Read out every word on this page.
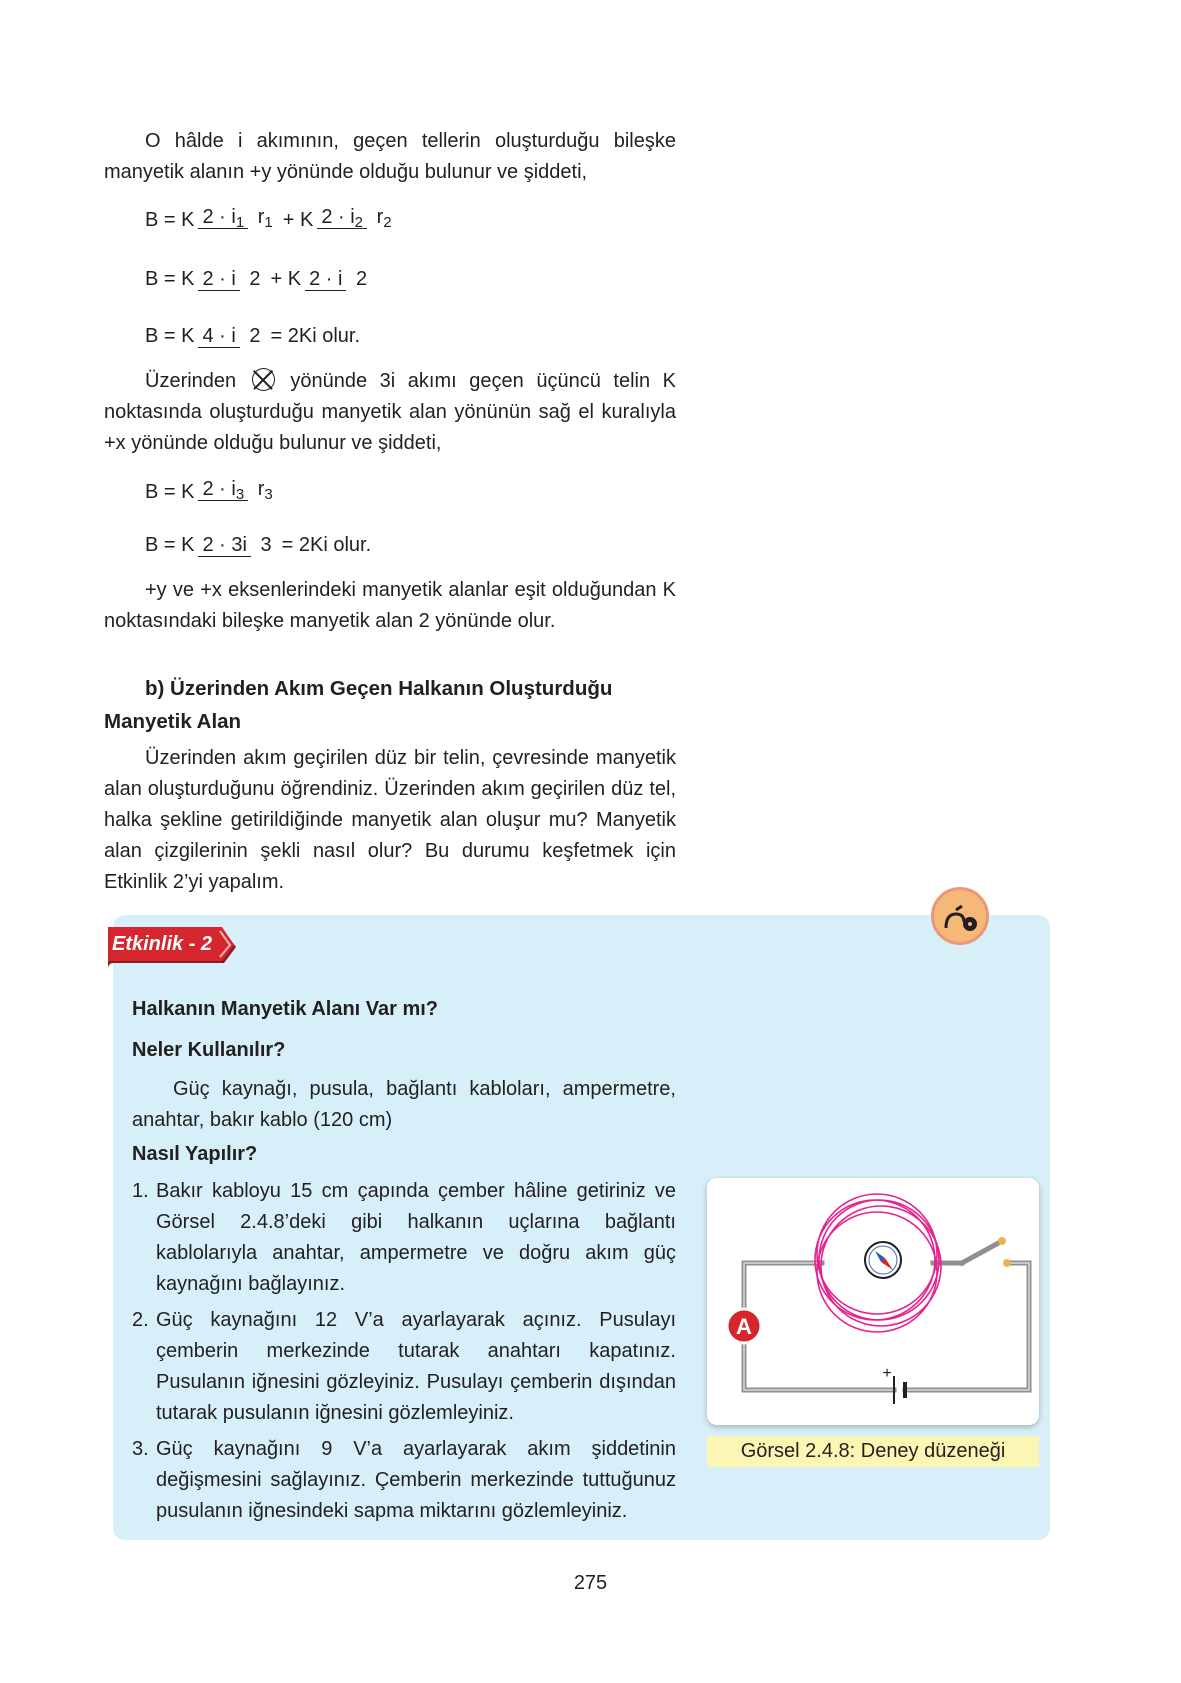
O hâlde i akımının, geçen tellerin oluşturduğu bileşke manyetik alanın +y yönünde olduğu bulunur ve şiddeti,
B = K $2 \cdot i_1$ $r_1 + K$ $2 \cdot i_2$ $r_2$
B = K 2 · i 2 + K 2 · i 2
B = K 4 · i 2 = 2Ki olur.
Üzerinden	yönünde 3i akımı geçen üçüncü telin K noktasında oluşturduğu manyetik alan yönünün sağ el kuralıyla +x yönünde olduğu bulunur ve şiddeti,
B = K $2 \cdot i_3$ $r_3$
B = K 2 · 3i 3 = 2Ki olur.
+y ve +x eksenlerindeki manyetik alanlar eşit olduğundan K noktasındaki bileşke manyetik alan 2 yönünde olur.
b) Üzerinden Akım Geçen Halkanın Oluşturduğu Manyetik Alan
Üzerinden akım geçirilen düz bir telin, çevresinde manyetik alan oluşturduğunu öğrendiniz. Üzerinden akım geçirilen düz tel, halka şekline getirildiğinde manyetik alan oluşur mu? Manyetik alan çizgilerinin şekli nasıl olur? Bu durumu keşfetmek için Etkinlik 2’yi yapalım.
Etkinlik - 2
Halkanın Manyetik Alanı Var mı?
Neler Kullanılır?
Güç kaynağı, pusula, bağlantı kabloları, ampermetre, anahtar, bakır kablo (120 cm)
Nasıl Yapılır?
1. Bakır kabloyu 15 cm çapında çember hâline getiriniz ve Görsel 2.4.8’deki gibi halkanın uçlarına bağlantı kablolarıyla anahtar, ampermetre ve doğru akım güç kaynağını bağlayınız.
2. Güç kaynağını 12 V’a ayarlayarak açınız. Pusulayı çemberin merkezinde tutarak anahtarı kapatınız. Pusulanın iğnesini gözleyiniz. Pusulayı çemberin dışından tutarak pusulanın iğnesini gözlemleyiniz.
3. Güç kaynağını 9 V’a ayarlayarak akım şiddetinin değişmesini sağlayınız. Çemberin merkezinde tuttuğunuz pusulanın iğnesindeki sapma miktarını gözlemleyiniz.
A
+
Görsel 2.4.8: Deney düzeneği
275
